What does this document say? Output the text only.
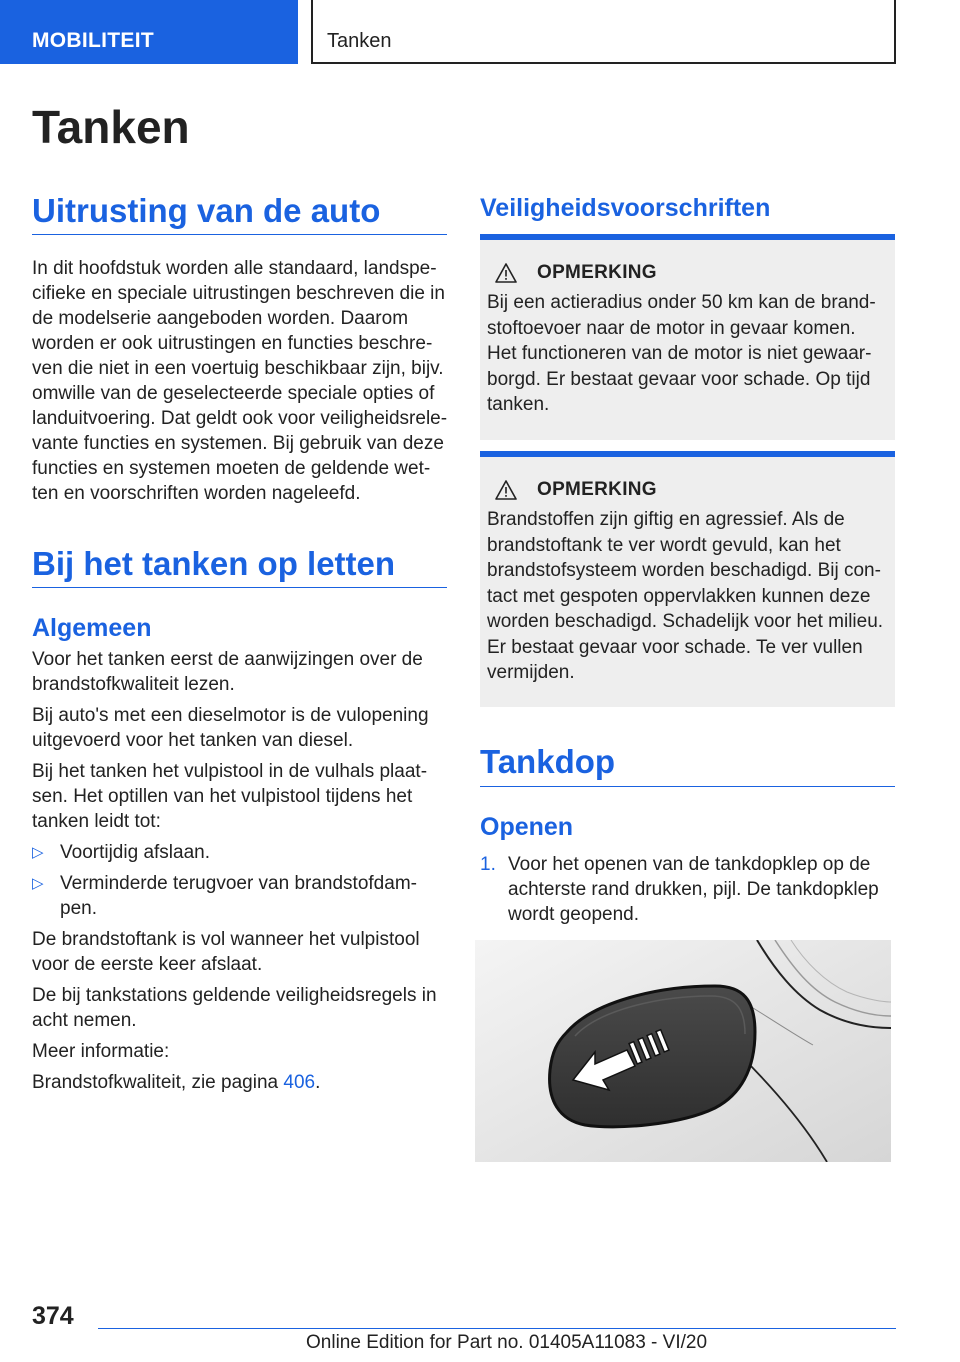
MOBILITEIT	Tanken
Tanken
Uitrusting van de auto
In dit hoofdstuk worden alle standaard, landspe-
cifieke en speciale uitrustingen beschreven die in
de modelserie aangeboden worden. Daarom
worden er ook uitrustingen en functies beschre-
ven die niet in een voertuig beschikbaar zijn, bijv.
omwille van de geselecteerde speciale opties of
landuitvoering. Dat geldt ook voor veiligheidsrele-
vante functies en systemen. Bij gebruik van deze
functies en systemen moeten de geldende wet-
ten en voorschriften worden nageleefd.
Bij het tanken op letten
Algemeen

Voor het tanken eerst de aanwijzingen over de
brandstofkwaliteit lezen.

Bij auto's met een dieselmotor is de vulopening
uitgevoerd voor het tanken van diesel.

Bij het tanken het vulpistool in de vulhals plaat-
sen. Het optillen van het vulpistool tijdens het
tanken leidt tot:

▷ Voortijdig afslaan.
▷ Verminderde terugvoer van brandstofdam-
pen.

De brandstoftank is vol wanneer het vulpistool
voor de eerste keer afslaat.

De bij tankstations geldende veiligheidsregels in
acht nemen.

Meer informatie:

Brandstofkwaliteit, zie pagina 406.

Veiligheidsvoorschriften
OPMERKING
Bij een actieradius onder 50 km kan de brand-
stoftoevoer naar de motor in gevaar komen.
Het functioneren van de motor is niet gewaar-
borgd. Er bestaat gevaar voor schade. Op tijd
tanken.
OPMERKING
Brandstoffen zijn giftig en agressief. Als de
brandstoftank te ver wordt gevuld, kan het
brandstofsysteem worden beschadigd. Bij con-
tact met gespoten oppervlakken kunnen deze
worden beschadigd. Schadelijk voor het milieu.
Er bestaat gevaar voor schade. Te ver vullen
vermijden.
Tankdop
Openen
1. Voor het openen van de tankdopklep op de
achterste rand drukken, pijl. De tankdopklep
wordt geopend.
374
Online Edition for Part no. 01405A11083 - VI/20
